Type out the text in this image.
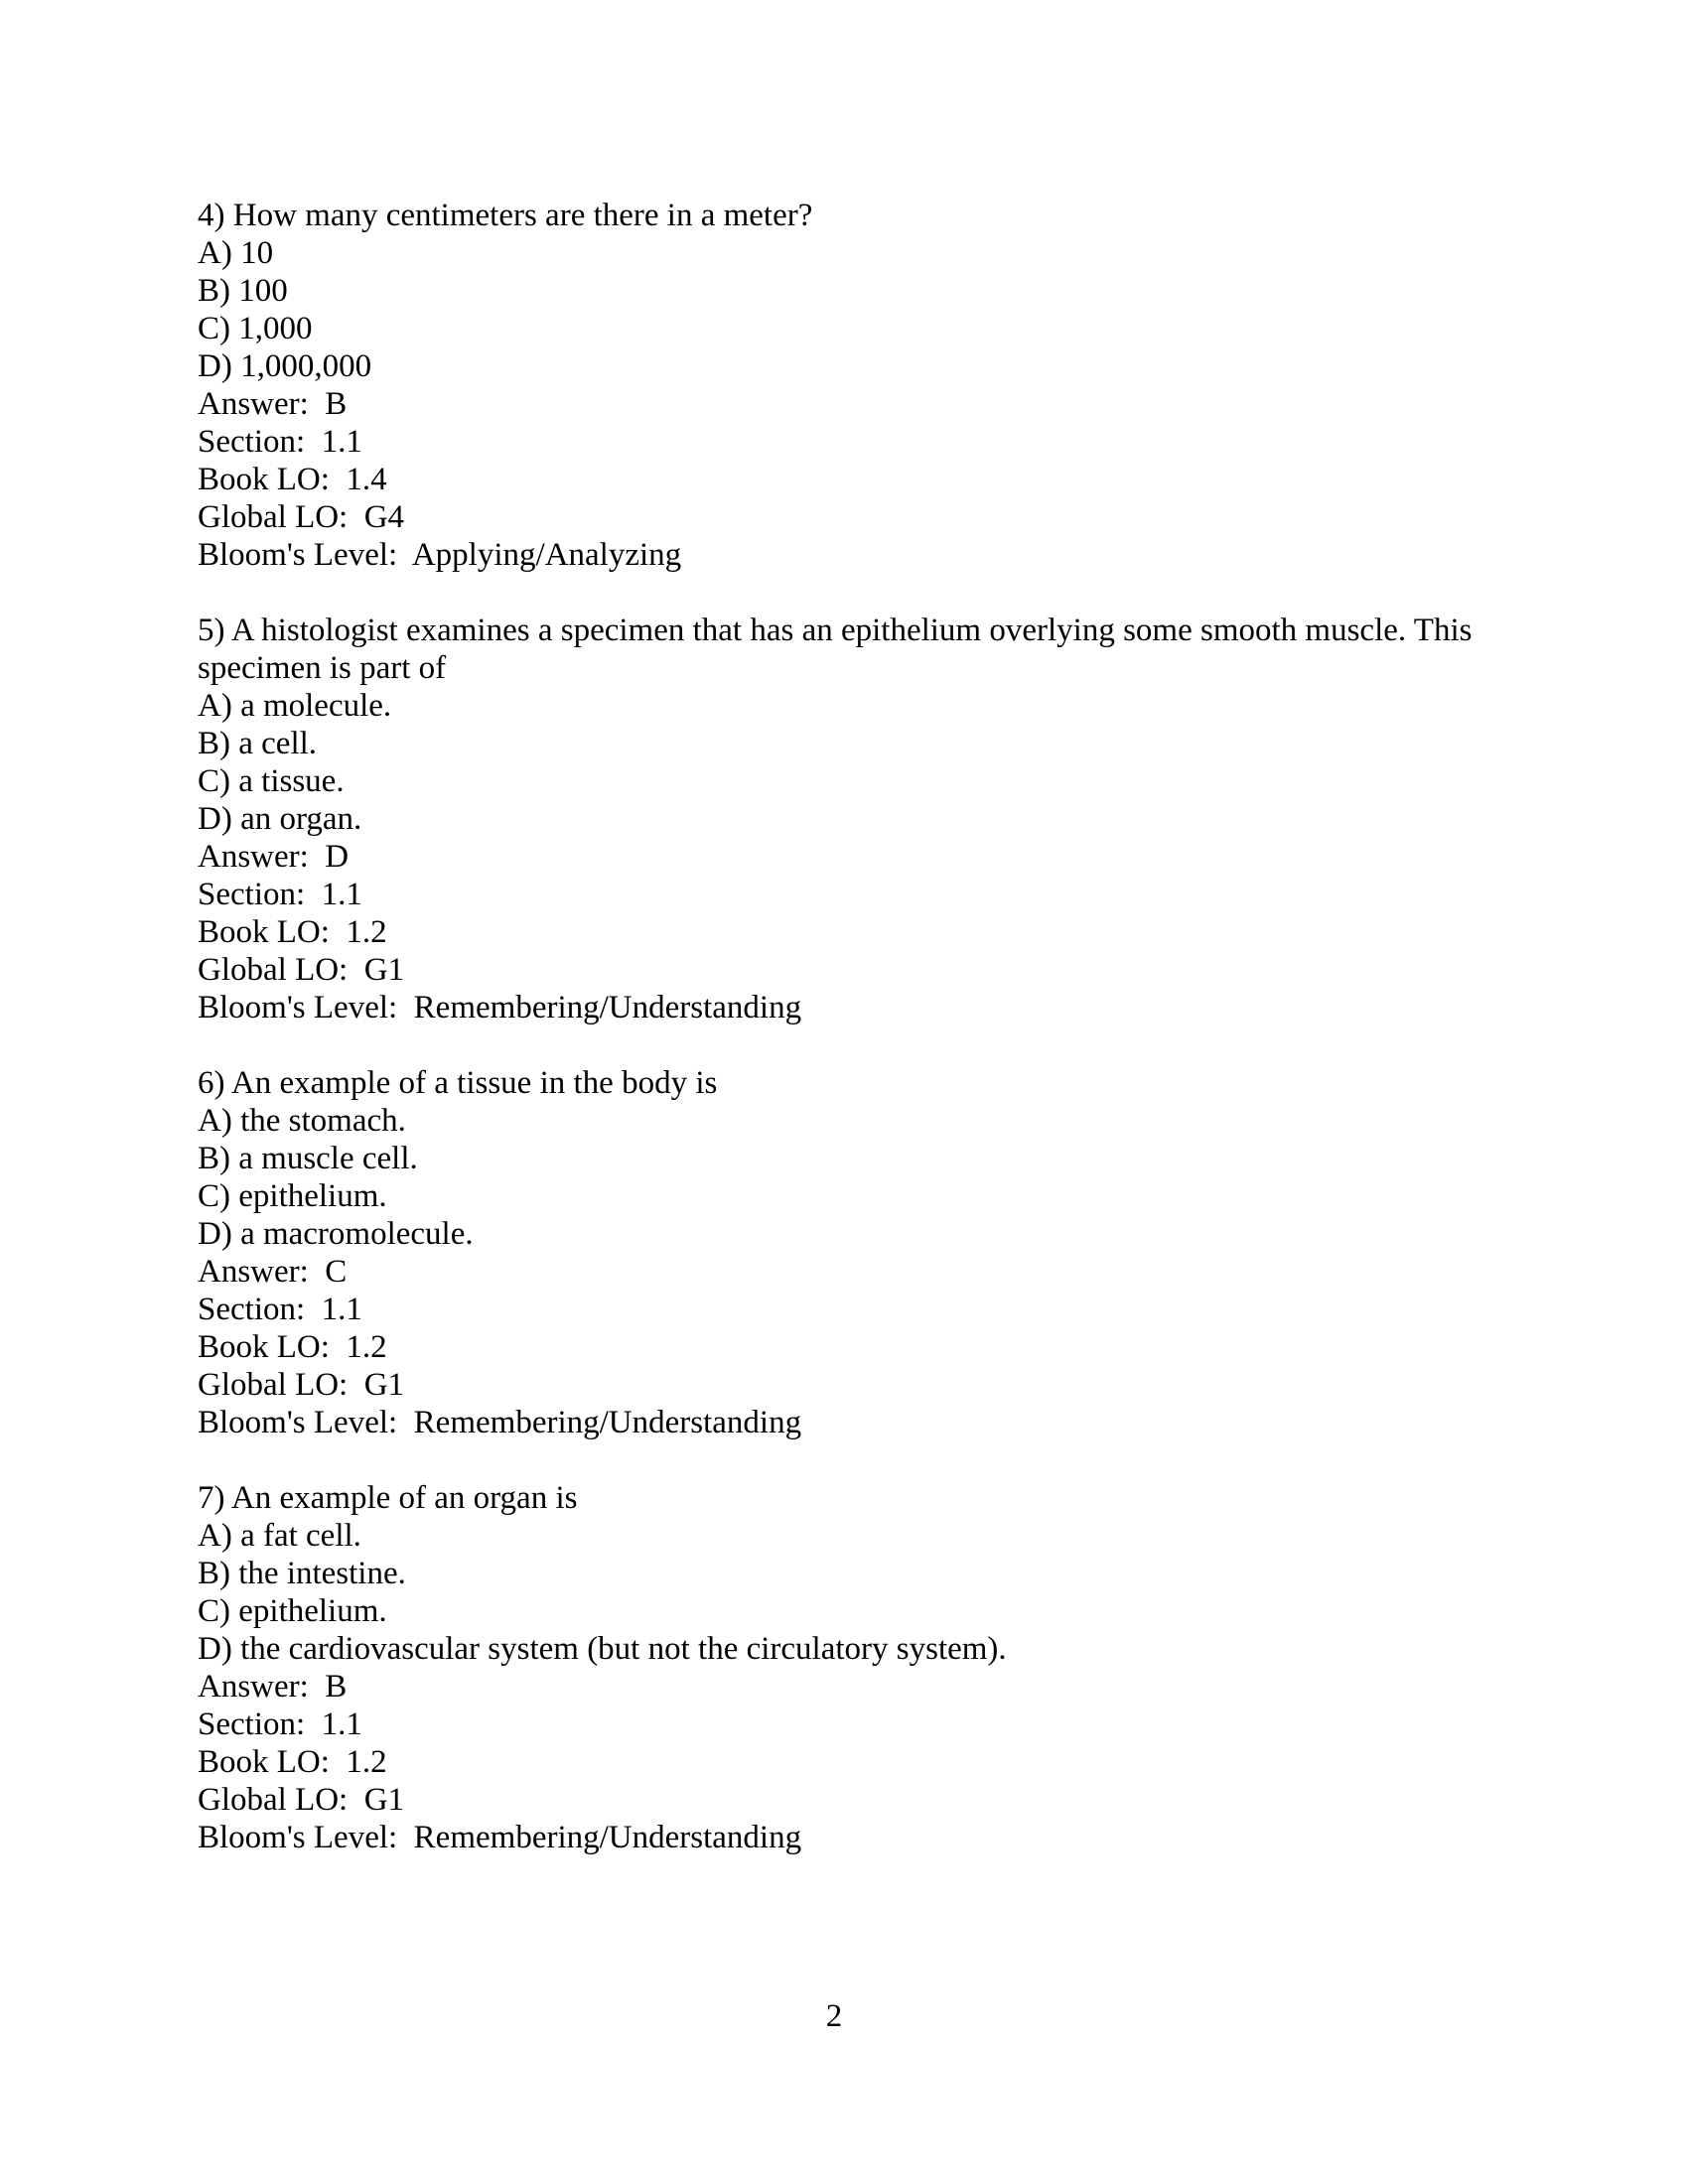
4) How many centimeters are there in a meter?
A) 10
B) 100
C) 1,000
D) 1,000,000
Answer:  B
Section:  1.1
Book LO:  1.4
Global LO:  G4
Bloom's Level:  Applying/Analyzing
5) A histologist examines a specimen that has an epithelium overlying some smooth muscle. This specimen is part of
A) a molecule.
B) a cell.
C) a tissue.
D) an organ.
Answer:  D
Section:  1.1
Book LO:  1.2
Global LO:  G1
Bloom's Level:  Remembering/Understanding
6) An example of a tissue in the body is
A) the stomach.
B) a muscle cell.
C) epithelium.
D) a macromolecule.
Answer:  C
Section:  1.1
Book LO:  1.2
Global LO:  G1
Bloom's Level:  Remembering/Understanding
7) An example of an organ is
A) a fat cell.
B) the intestine.
C) epithelium.
D) the cardiovascular system (but not the circulatory system).
Answer:  B
Section:  1.1
Book LO:  1.2
Global LO:  G1
Bloom's Level:  Remembering/Understanding
2
